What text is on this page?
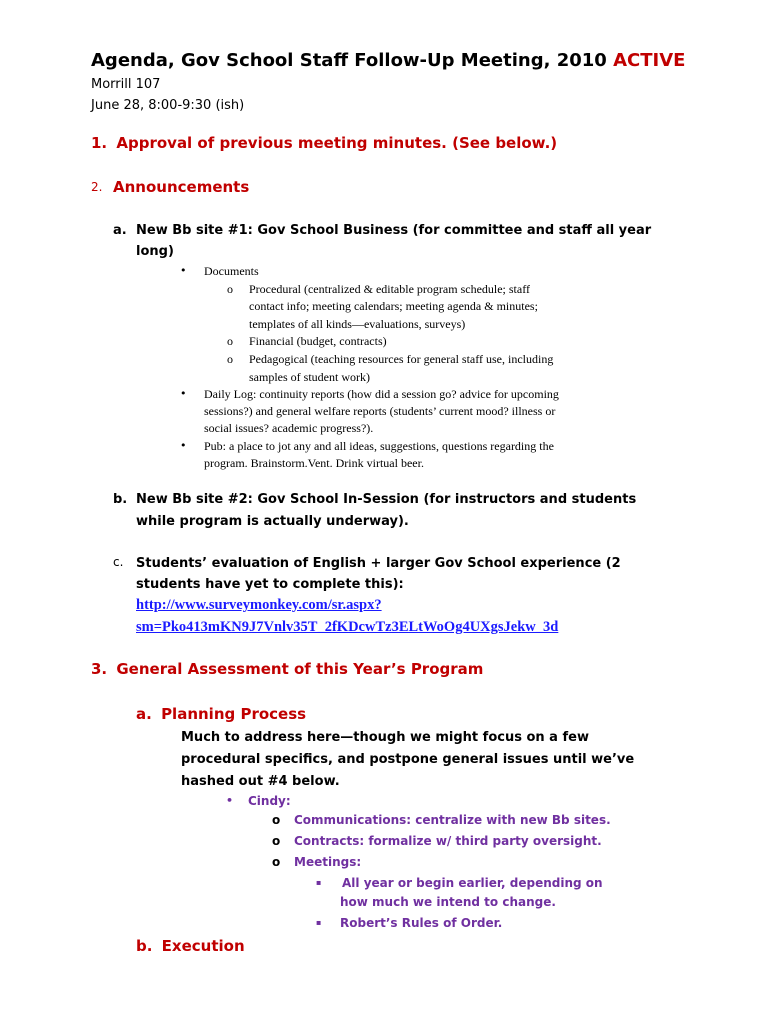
Agenda, Gov School Staff Follow-Up Meeting, 2010 ACTIVE
Morrill 107
June 28, 8:00-9:30 (ish)
1. Approval of previous meeting minutes. (See below.)
2. Announcements
a. New Bb site #1: Gov School Business (for committee and staff all year
long)
• Documents
o Procedural (centralized & editable program schedule; staff
contact info; meeting calendars; meeting agenda & minutes;
templates of all kinds—evaluations, surveys)
o Financial (budget, contracts)
o Pedagogical (teaching resources for general staff use, including
samples of student work)
• Daily Log: continuity reports (how did a session go? advice for upcoming
sessions?) and general welfare reports (students’ current mood? illness or
social issues? academic progress?).
• Pub: a place to jot any and all ideas, suggestions, questions regarding the
program. Brainstorm.Vent. Drink virtual beer.
b. New Bb site #2: Gov School In-Session (for instructors and students
while program is actually underway).
c. Students’ evaluation of English + larger Gov School experience (2
students have yet to complete this):
http://www.surveymonkey.com/sr.aspx?
sm=Pko413mKN9J7Vnlv35T_2fKDcwTz3ELtWoOg4UXgsJekw_3d
3. General Assessment of this Year’s Program
a. Planning Process
Much to address here—though we might focus on a few
procedural specifics, and postpone general issues until we’ve
hashed out #4 below.
• Cindy:
o Communications: centralize with new Bb sites.
o Contracts: formalize w/ third party oversight.
o Meetings:
▪ All year or begin earlier, depending on
how much we intend to change.
▪ Robert’s Rules of Order.
b. Execution
